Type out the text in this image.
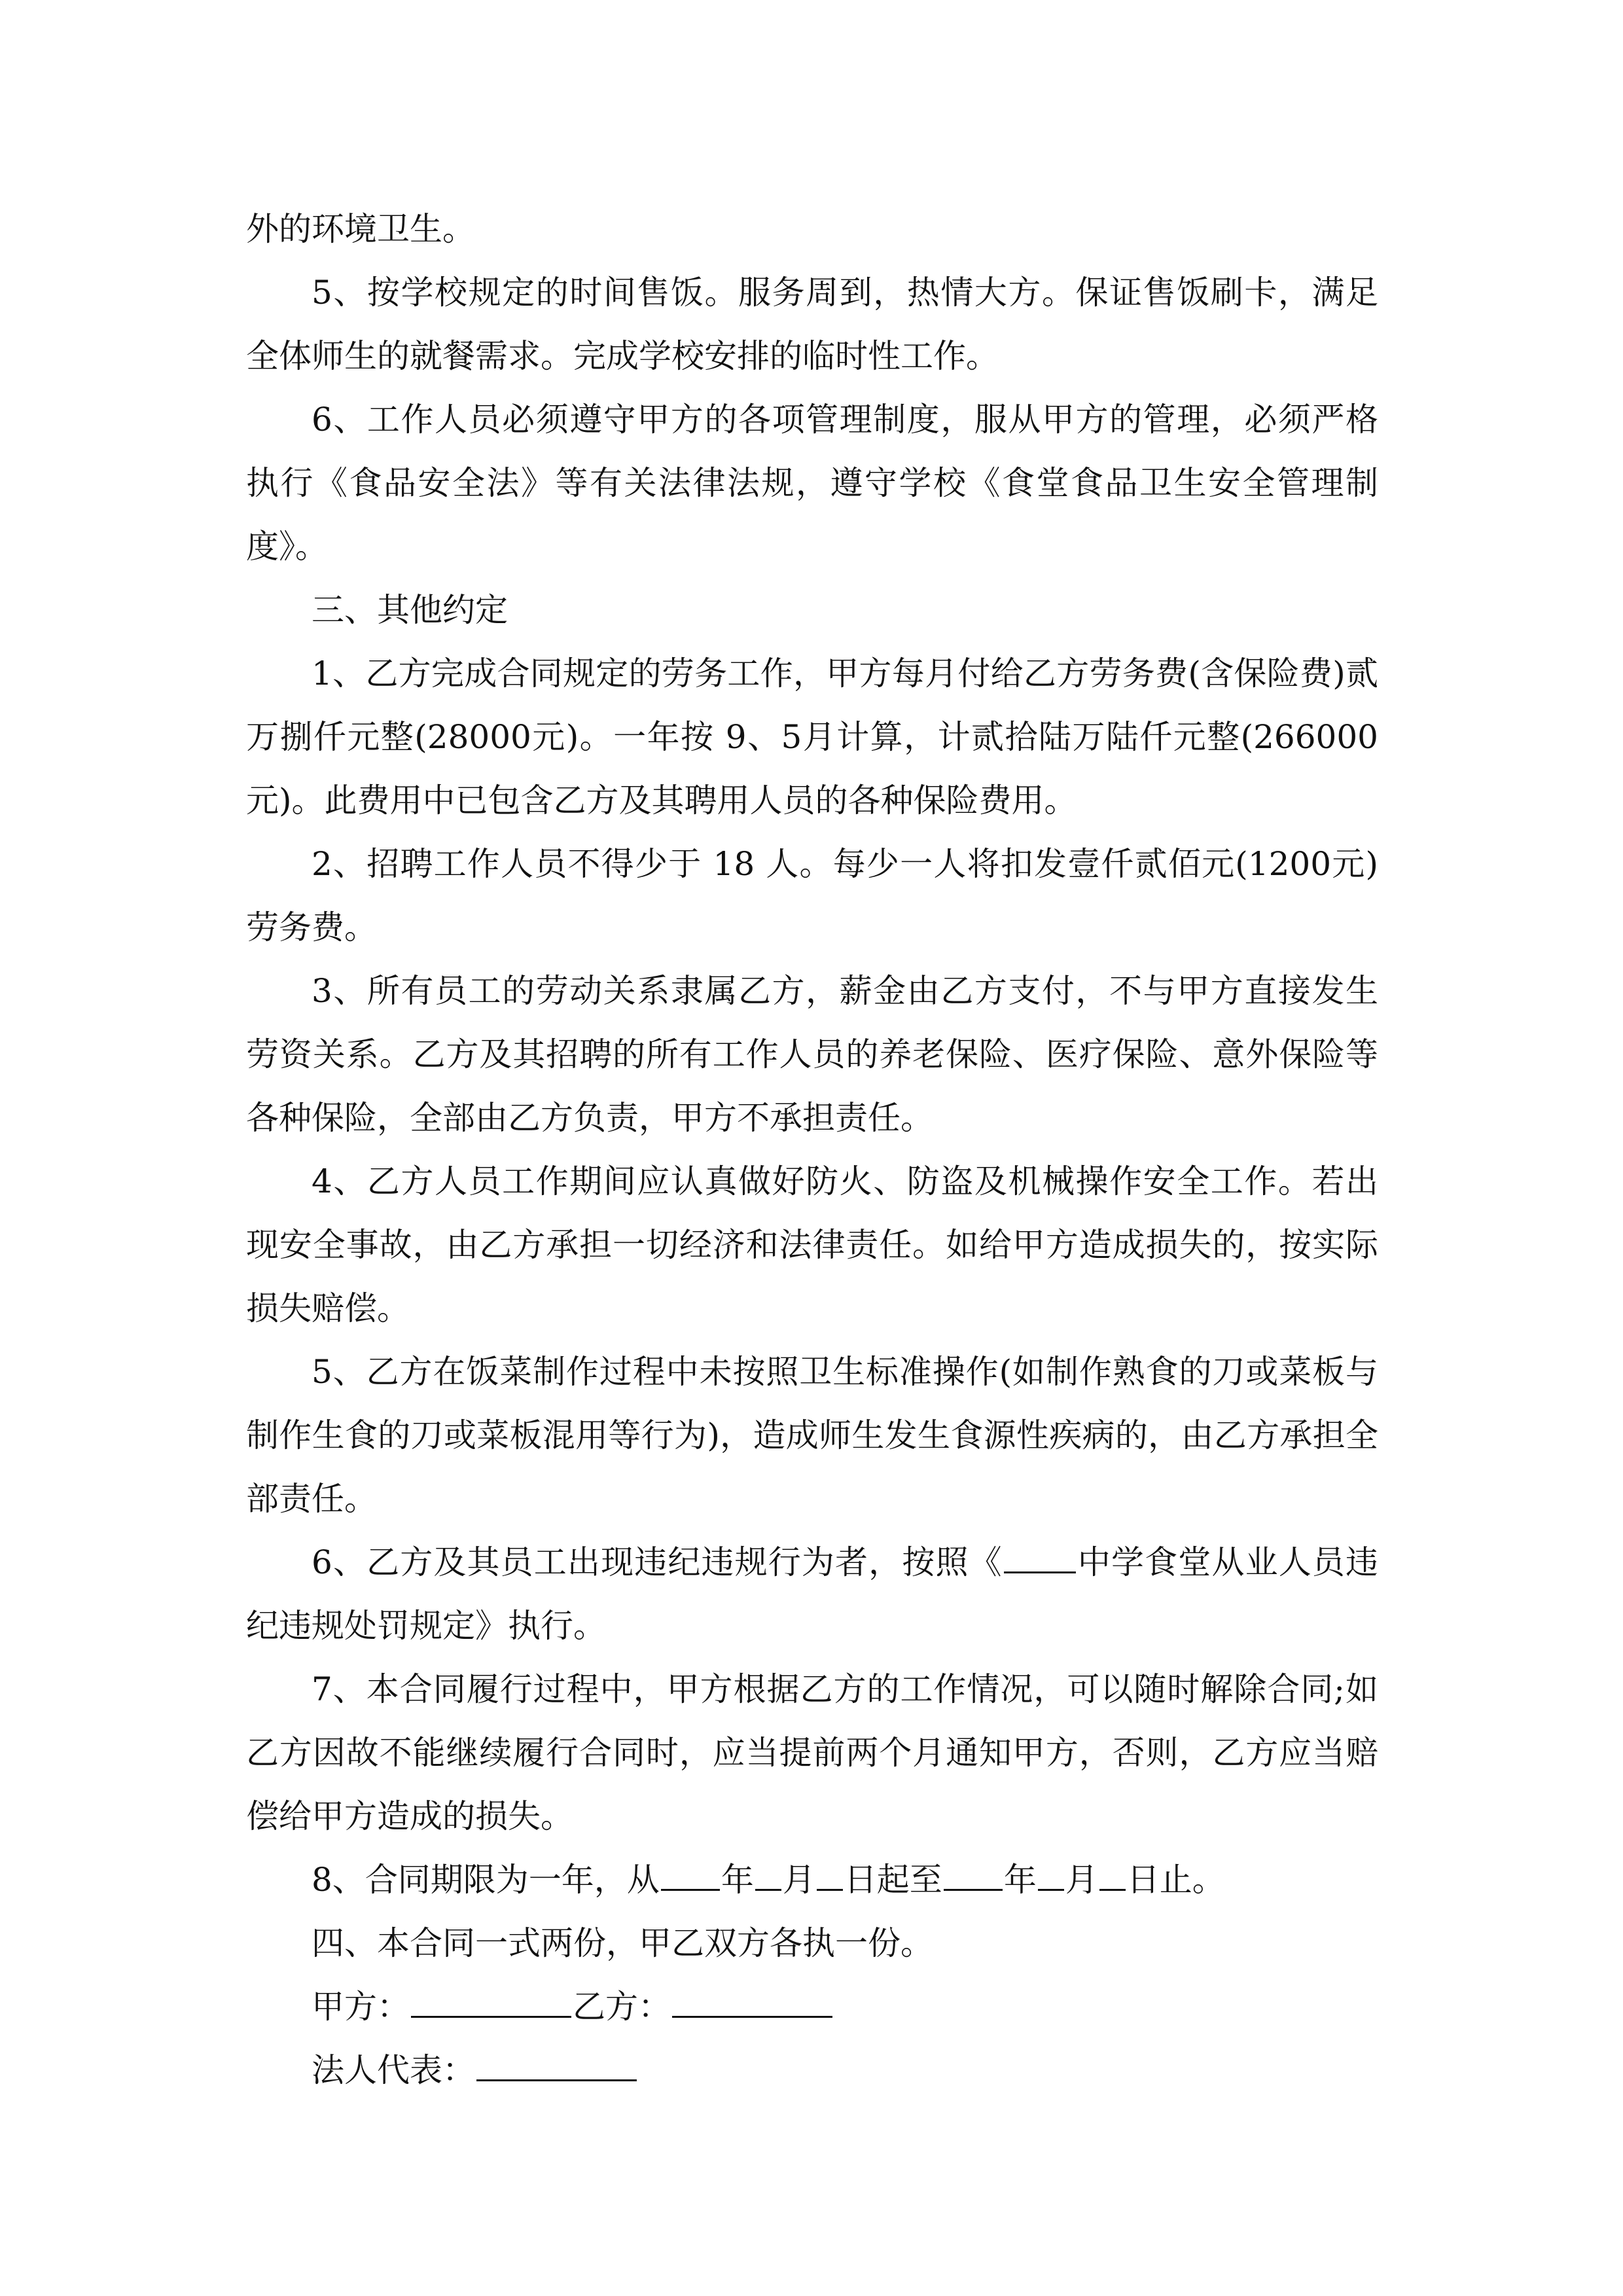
外的环境卫生。

5、按学校规定的时间售饭。服务周到，热情大方。保证售饭刷卡，满足全体师生的就餐需求。完成学校安排的临时性工作。

6、工作人员必须遵守甲方的各项管理制度，服从甲方的管理，必须严格执行《食品安全法》等有关法律法规，遵守学校《食堂食品卫生安全管理制度》。

三、其他约定

1、乙方完成合同规定的劳务工作，甲方每月付给乙方劳务费(含保险费)贰万捌仟元整(28000元)。一年按 9、5月计算，计贰拾陆万陆仟元整(266000元)。此费用中已包含乙方及其聘用人员的各种保险费用。

2、招聘工作人员不得少于 18 人。每少一人将扣发壹仟贰佰元(1200元)劳务费。

3、所有员工的劳动关系隶属乙方，薪金由乙方支付，不与甲方直接发生劳资关系。乙方及其招聘的所有工作人员的养老保险、医疗保险、意外保险等各种保险，全部由乙方负责，甲方不承担责任。

4、乙方人员工作期间应认真做好防火、防盗及机械操作安全工作。若出现安全事故，由乙方承担一切经济和法律责任。如给甲方造成损失的，按实际损失赔偿。

5、乙方在饭菜制作过程中未按照卫生标准操作(如制作熟食的刀或菜板与制作生食的刀或菜板混用等行为)，造成师生发生食源性疾病的，由乙方承担全部责任。

6、乙方及其员工出现违纪违规行为者，按照《 中学食堂从业人员违纪违规处罚规定》执行。

7、本合同履行过程中，甲方根据乙方的工作情况，可以随时解除合同;如乙方因故不能继续履行合同时，应当提前两个月通知甲方，否则，乙方应当赔偿给甲方造成的损失。

8、合同期限为一年，从 年 月 日起至 年 月 日止。

四、本合同一式两份，甲乙双方各执一份。

甲方：	乙方：

法人代表：
